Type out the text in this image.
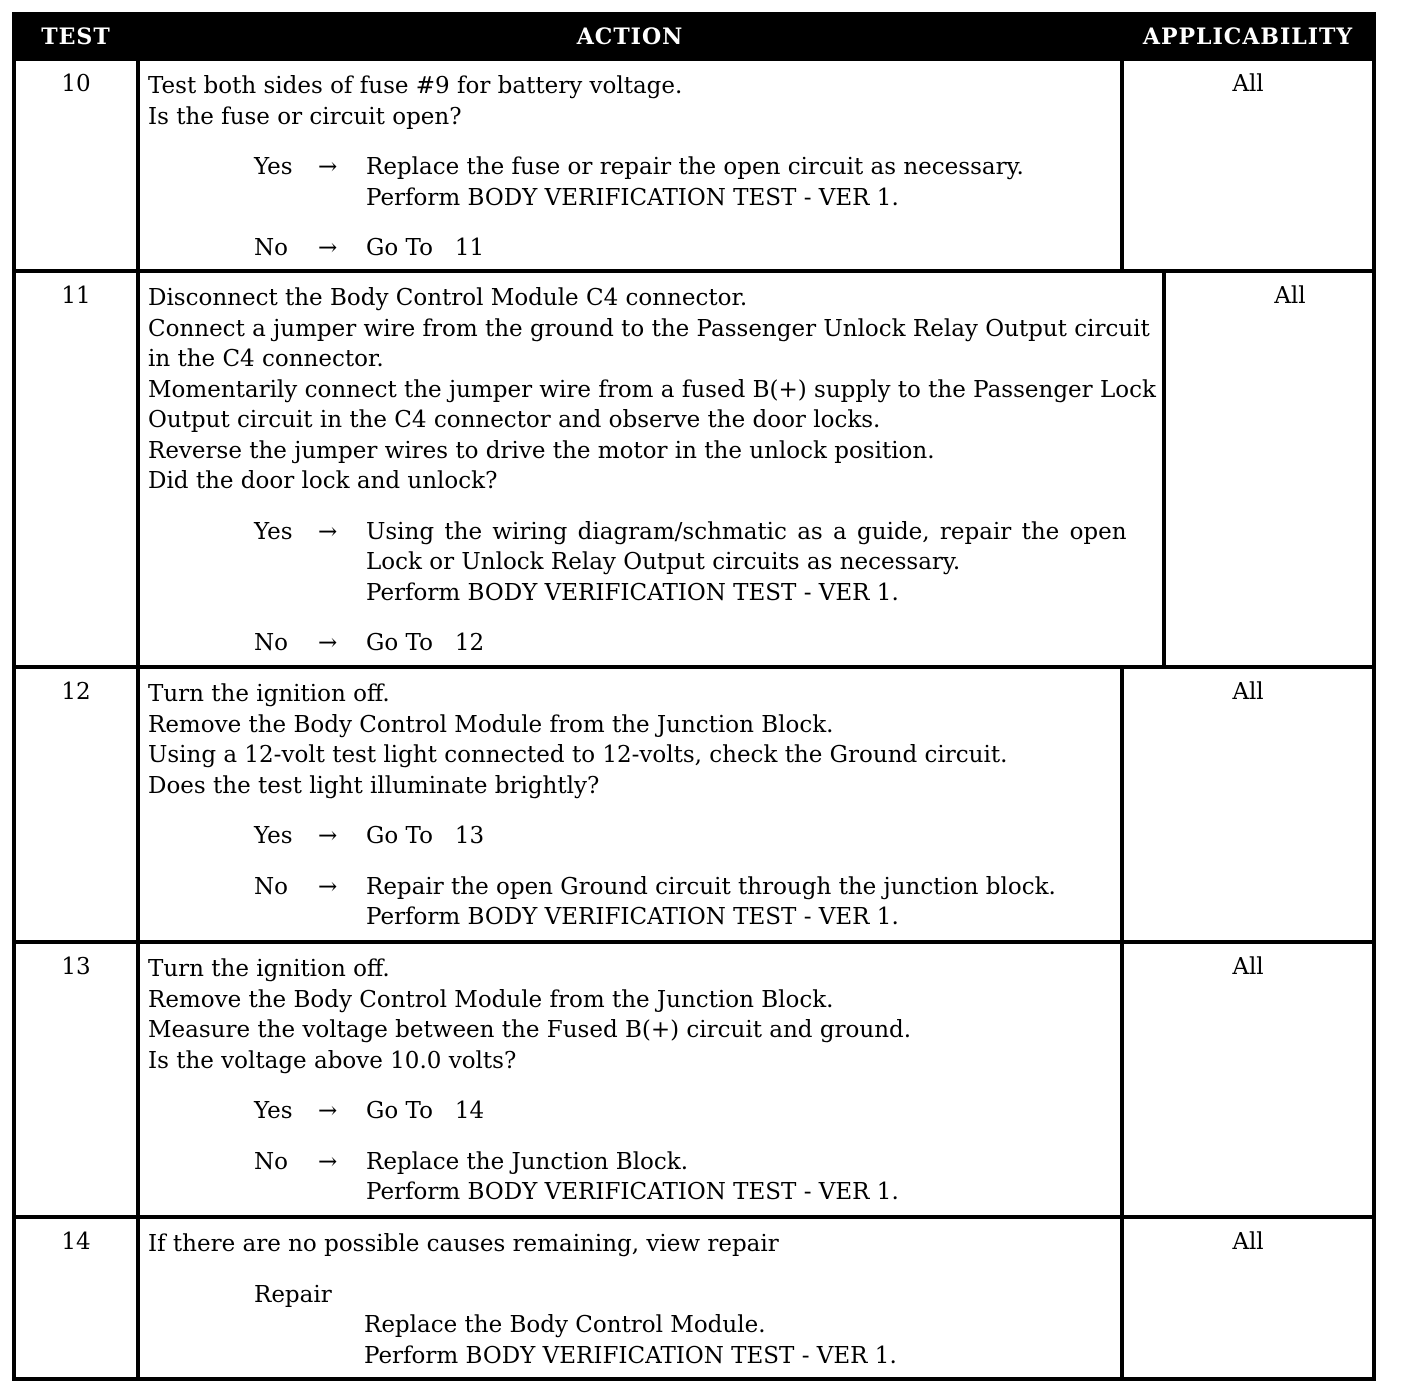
TEST	ACTION	APPLICABILITY
10	Test both sides of fuse #9 for battery voltage.
Is the fuse or circuit open?
Yes	→	Replace the fuse or repair the open circuit as necessary.
Perform BODY VERIFICATION TEST - VER 1.
No	→	Go To   11
All
11	Disconnect the Body Control Module C4 connector.
Connect a jumper wire from the ground to the Passenger Unlock Relay Output circuit
in the C4 connector.
Momentarily connect the jumper wire from a fused B(+) supply to the Passenger Lock
Output circuit in the C4 connector and observe the door locks.
Reverse the jumper wires to drive the motor in the unlock position.
Did the door lock and unlock?
Yes	→	Using the wiring diagram/schmatic as a guide, repair the open
Lock or Unlock Relay Output circuits as necessary.
Perform BODY VERIFICATION TEST - VER 1.
No	→	Go To   12
All
12	Turn the ignition off.
Remove the Body Control Module from the Junction Block.
Using a 12-volt test light connected to 12-volts, check the Ground circuit.
Does the test light illuminate brightly?
Yes	→	Go To   13
No	→	Repair the open Ground circuit through the junction block.
Perform BODY VERIFICATION TEST - VER 1.
All
13	Turn the ignition off.
Remove the Body Control Module from the Junction Block.
Measure the voltage between the Fused B(+) circuit and ground.
Is the voltage above 10.0 volts?
Yes	→	Go To   14
No	→	Replace the Junction Block.
Perform BODY VERIFICATION TEST - VER 1.
All
14	If there are no possible causes remaining, view repair
Repair
Replace the Body Control Module.
Perform BODY VERIFICATION TEST - VER 1.
All
